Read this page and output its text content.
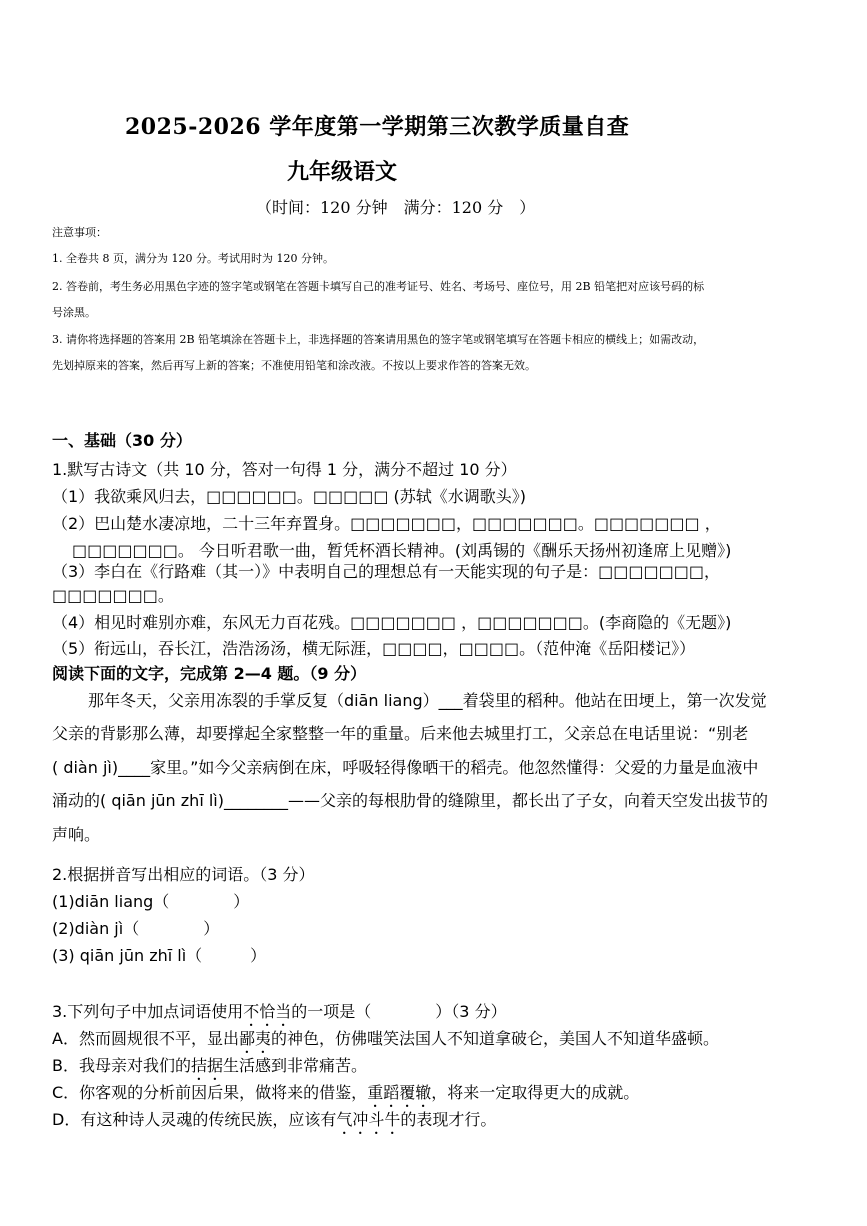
2025-2026 学年度第一学期第三次教学质量自查
九年级语文
（时间：120 分钟　满分：120 分　）
注意事项：
1. 全卷共 8 页，满分为 120 分。考试用时为 120 分钟。
2. 答卷前，考生务必用黑色字迹的签字笔或钢笔在答题卡填写自己的准考证号、姓名、考场号、座位号，用 2B 铅笔把对应该号码的标
号涂黑。
3. 请你将选择题的答案用 2B 铅笔填涂在答题卡上，非选择题的答案请用黑色的签字笔或钢笔填写在答题卡相应的横线上；如需改动，
先划掉原来的答案，然后再写上新的答案；不准使用铅笔和涂改液。不按以上要求作答的答案无效。
一、基础（30 分）
1.默写古诗文（共 10 分，答对一句得 1 分，满分不超过 10 分）
（1）我欲乘风归去，□□□□□□。□□□□□ (苏轼《水调歌头》)
（2）巴山楚水凄凉地，二十三年弃置身。□□□□□□□，□□□□□□□。□□□□□□□ ，
□□□□□□□。 今日听君歌一曲，暂凭杯酒长精神。(刘禹锡的《酬乐天扬州初逢席上见赠》)
（3）李白在《行路难（其一）》中表明自己的理想总有一天能实现的句子是：□□□□□□□，
□□□□□□□。
（4）相见时难别亦难，东风无力百花残。□□□□□□□ ，□□□□□□□。(李商隐的《无题》)
（5）衔远山，吞长江，浩浩汤汤，横无际涯，□□□□，□□□□。（范仲淹《岳阳楼记》）
阅读下面的文字，完成第 2—4 题。（9 分）
那年冬天，父亲用冻裂的手掌反复（diān liang）___着袋里的稻种。他站在田埂上，第一次发觉
父亲的背影那么薄，却要撑起全家整整一年的重量。后来他去城里打工，父亲总在电话里说：“别老
( diàn jì)____家里。”如今父亲病倒在床，呼吸轻得像晒干的稻壳。他忽然懂得：父爱的力量是血液中
涌动的( qiān jūn zhī lì)________——父亲的每根肋骨的缝隙里，都长出了子女，向着天空发出拔节的
声响。
2.根据拼音写出相应的词语。（3 分）
(1)diān liang（　　　　）
(2)diàn jì（　　　　）
(3) qiān jūn zhī lì（　　　）
3.下列句子中加点词语使用不恰当的一项是（　　　　）（3 分）
A．然而圆规很不平，显出鄙夷的神色，仿佛嗤笑法国人不知道拿破仑，美国人不知道华盛顿。
B．我母亲对我们的拮据生活感到非常痛苦。
C．你客观的分析前因后果，做将来的借鉴，重蹈覆辙，将来一定取得更大的成就。
D．有这种诗人灵魂的传统民族，应该有气冲斗牛的表现才行。
